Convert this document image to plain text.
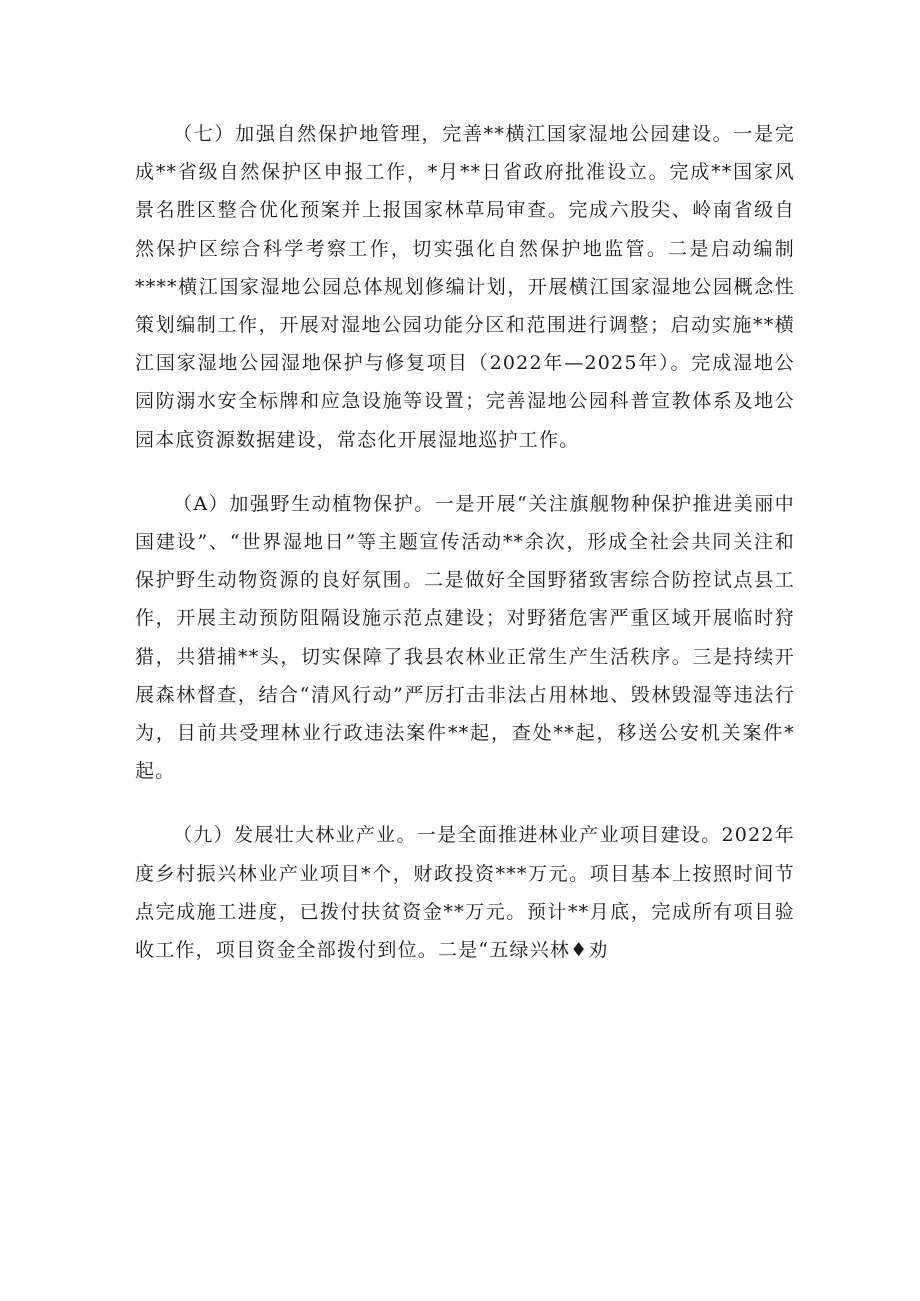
（七）加强自然保护地管理，完善**横江国家湿地公园建设。一是完成**省级自然保护区申报工作，*月**日省政府批准设立。完成**国家风景名胜区整合优化预案并上报国家林草局审查。完成六股尖、岭南省级自然保护区综合科学考察工作，切实强化自然保护地监管。二是启动编制****横江国家湿地公园总体规划修编计划，开展横江国家湿地公园概念性策划编制工作，开展对湿地公园功能分区和范围进行调整；启动实施**横江国家湿地公园湿地保护与修复项目（2022年—2025年）。完成湿地公园防溺水安全标牌和应急设施等设置；完善湿地公园科普宣教体系及地公园本底资源数据建设，常态化开展湿地巡护工作。

（A）加强野生动植物保护。一是开展“关注旗舰物种保护推进美丽中国建设”、“世界湿地日”等主题宣传活动**余次，形成全社会共同关注和保护野生动物资源的良好氛围。二是做好全国野猪致害综合防控试点县工作，开展主动预防阻隔设施示范点建设；对野猪危害严重区域开展临时狩猎，共猎捕**头，切实保障了我县农林业正常生产生活秩序。三是持续开展森林督查，结合“清风行动”严厉打击非法占用林地、毁林毁湿等违法行为，目前共受理林业行政违法案件**起，查处**起，移送公安机关案件*起。

（九）发展壮大林业产业。一是全面推进林业产业项目建设。2022年度乡村振兴林业产业项目*个，财政投资***万元。项目基本上按照时间节点完成施工进度，已拨付扶贫资金**万元。预计**月底，完成所有项目验收工作，项目资金全部拨付到位。二是“五绿兴林♦劝
